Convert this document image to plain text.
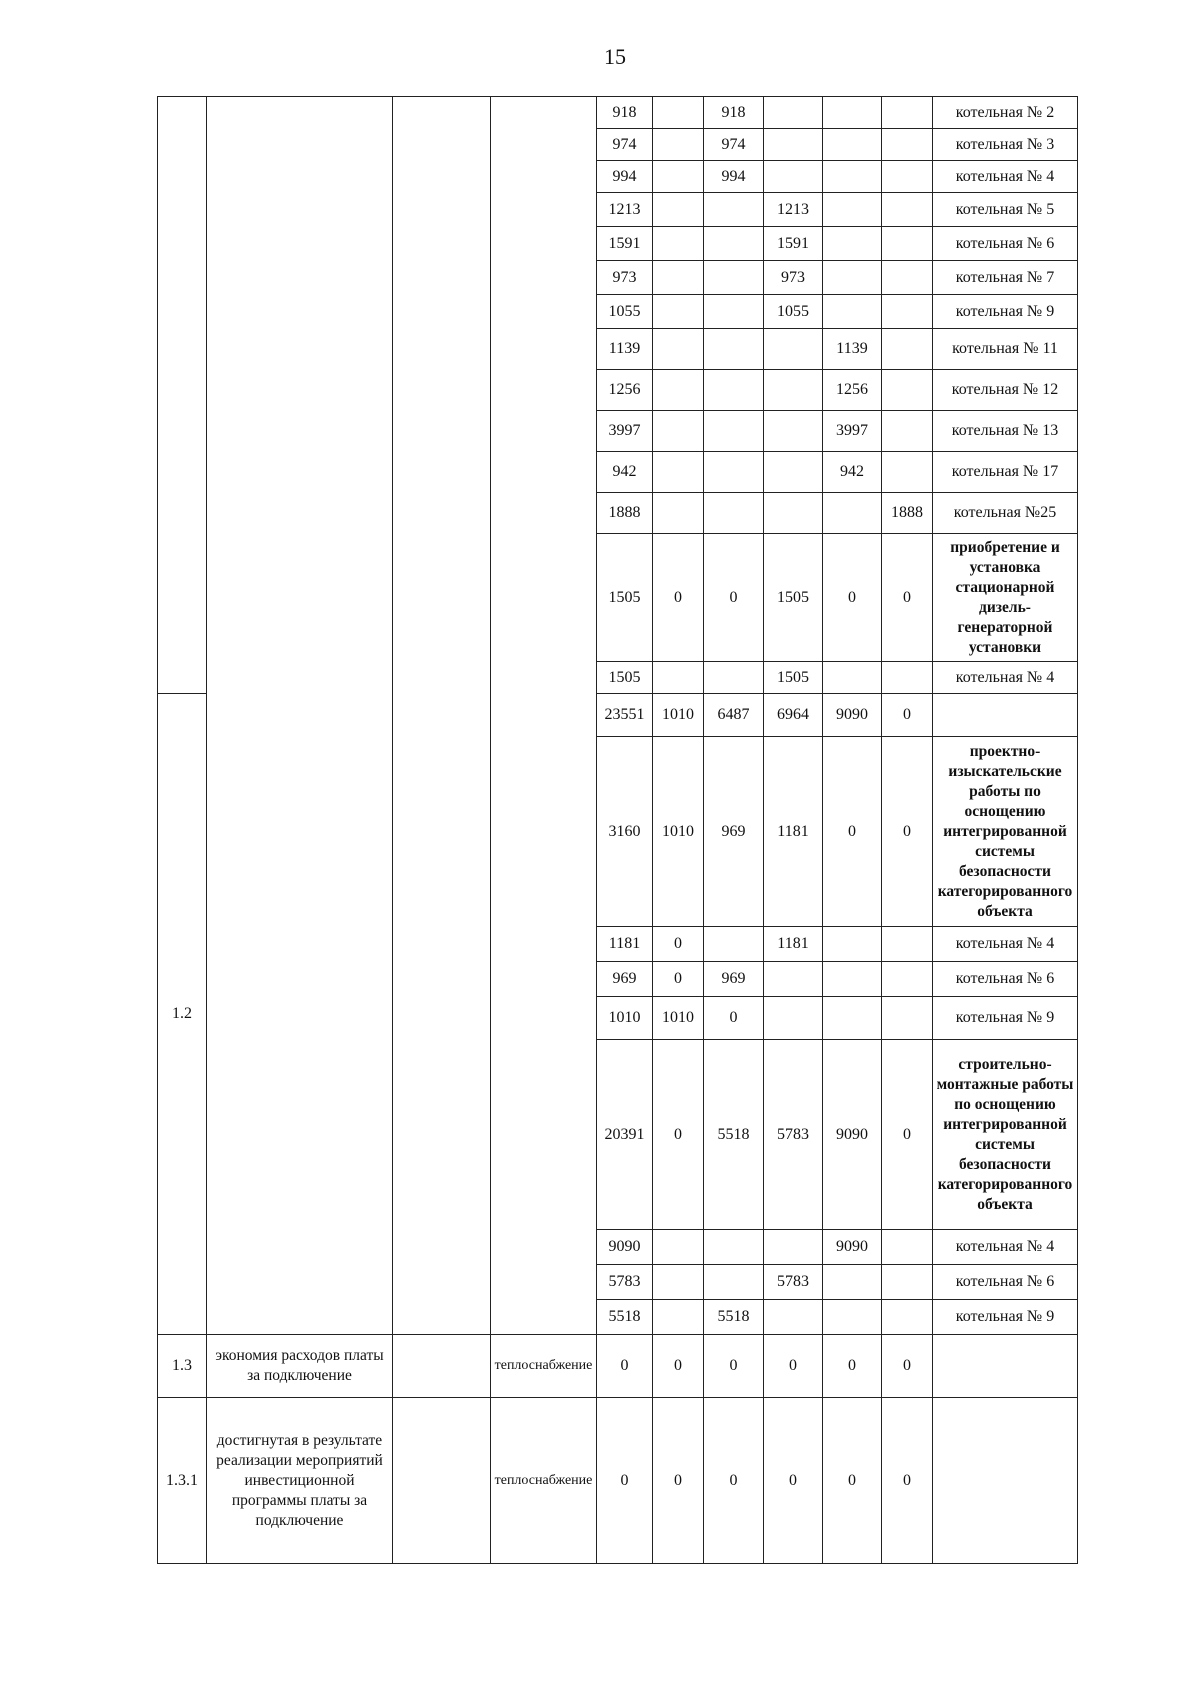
15
				918		918				котельная № 2
				974		974				котельная № 3
				994		994				котельная № 4
				1213			1213			котельная № 5
				1591			1591			котельная № 6
				973			973			котельная № 7
				1055			1055			котельная № 9
				1139				1139		котельная № 11
				1256				1256		котельная № 12
				3997				3997		котельная № 13
				942				942		котельная № 17
				1888					1888	котельная №25
				1505	0	0	1505	0	0	приобретение и установка стационарной дизель-генераторной установки
				1505			1505			котельная № 4
1.2				23551	1010	6487	6964	9090	0	
				3160	1010	969	1181	0	0	проектно-изыскательские работы по оснощению интегрированной системы безопасности категорированного объекта
				1181	0		1181			котельная № 4
				969	0	969				котельная № 6
				1010	1010	0				котельная № 9
				20391	0	5518	5783	9090	0	строительно-монтажные работы по оснощению интегрированной системы безопасности категорированного объекта
				9090				9090		котельная № 4
				5783			5783			котельная № 6
				5518		5518				котельная № 9
1.3	экономия расходов платы за подключение		теплоснабжение	0	0	0	0	0	0	
1.3.1	достигнутая в результате реализации мероприятий инвестиционной программы платы за подключение		теплоснабжение	0	0	0	0	0	0	
